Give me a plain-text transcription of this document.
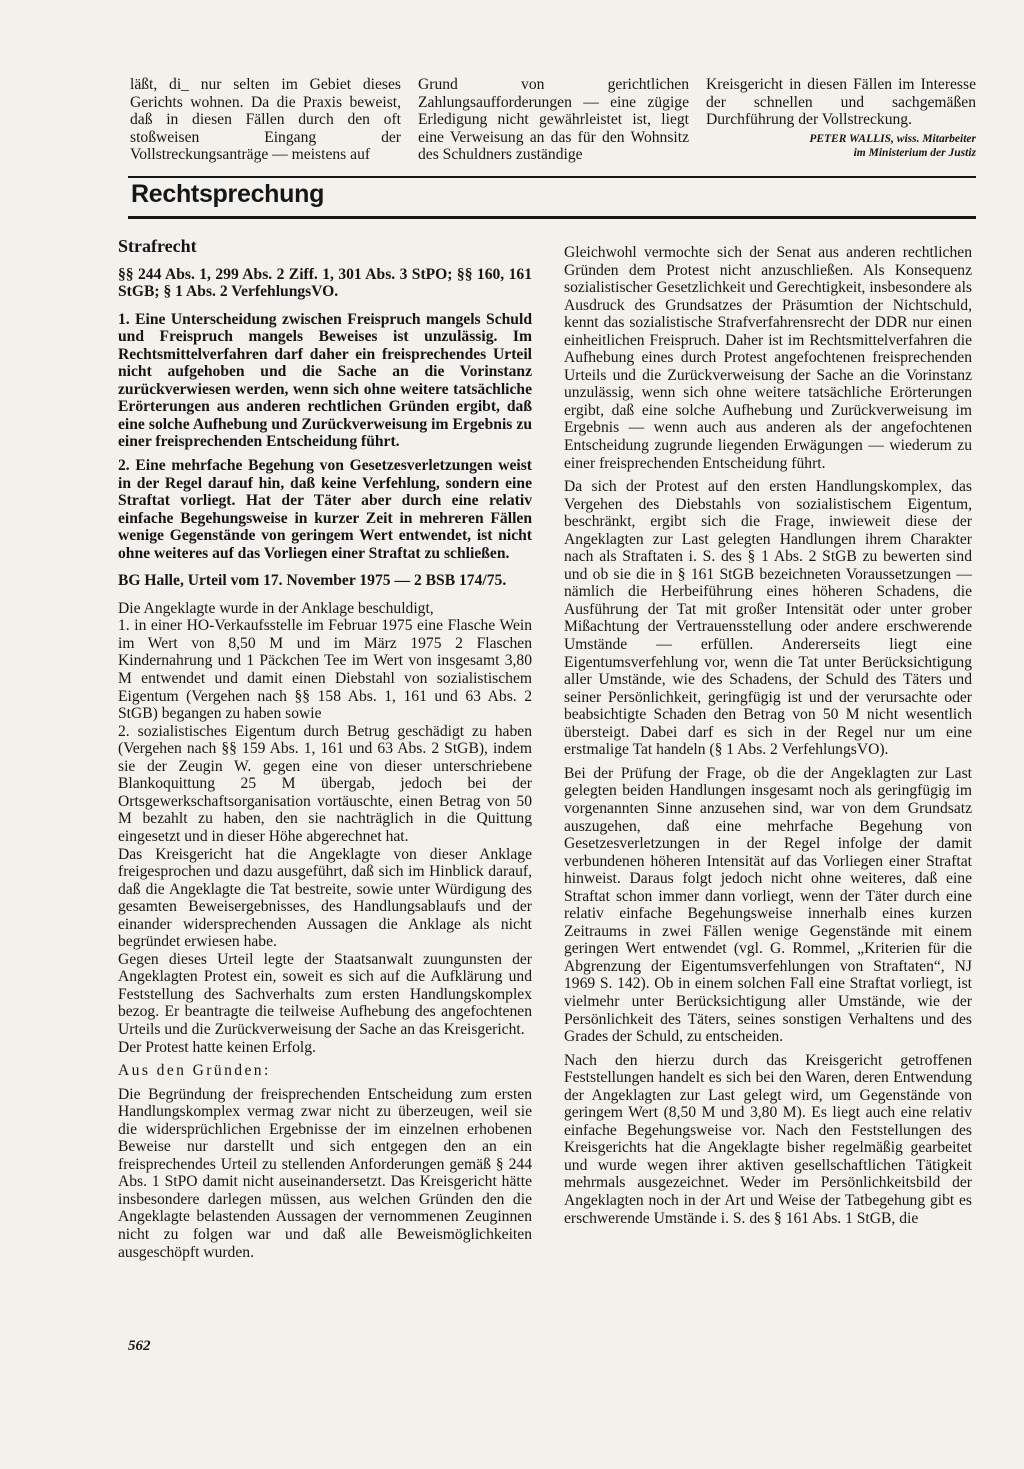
läßt, di_ nur selten im Gebiet dieses Gerichts wohnen. Da die Praxis beweist, daß in diesen Fällen durch den oft stoßweisen Eingang der Vollstreckungsanträge — meistens auf

Grund von gerichtlichen Zahlungsaufforderungen — eine zügige Erledigung nicht gewährleistet ist, liegt eine Verweisung an das für den Wohnsitz des Schuldners zuständige

Kreisgericht in diesen Fällen im Interesse der schnellen und sachgemäßen Durchführung der Vollstreckung.

PETER WALLIS, wiss. Mitarbeiter
im Ministerium der Justiz
Rechtsprechung

Strafrecht

§§ 244 Abs. 1, 299 Abs. 2 Ziff. 1, 301 Abs. 3 StPO; §§ 160, 161 StGB; § 1 Abs. 2 VerfehlungsVO.

1. Eine Unterscheidung zwischen Freispruch mangels Schuld und Freispruch mangels Beweises ist unzulässig. Im Rechtsmittelverfahren darf daher ein freisprechendes Urteil nicht aufgehoben und die Sache an die Vorinstanz zurückverwiesen werden, wenn sich ohne weitere tatsächliche Erörterungen aus anderen rechtlichen Gründen ergibt, daß eine solche Aufhebung und Zurückverweisung im Ergebnis zu einer freisprechenden Entscheidung führt.

2. Eine mehrfache Begehung von Gesetzesverletzungen weist in der Regel darauf hin, daß keine Verfehlung, sondern eine Straftat vorliegt. Hat der Täter aber durch eine relativ einfache Begehungsweise in kurzer Zeit in mehreren Fällen wenige Gegenstände von geringem Wert entwendet, ist nicht ohne weiteres auf das Vorliegen einer Straftat zu schließen.

BG Halle, Urteil vom 17. November 1975 — 2 BSB 174/75.

Die Angeklagte wurde in der Anklage beschuldigt,

1. in einer HO-Verkaufsstelle im Februar 1975 eine Flasche Wein im Wert von 8,50 M und im März 1975 2 Flaschen Kindernahrung und 1 Päckchen Tee im Wert von insgesamt 3,80 M entwendet und damit einen Diebstahl von sozialistischem Eigentum (Vergehen nach §§ 158 Abs. 1, 161 und 63 Abs. 2 StGB) begangen zu haben sowie

2. sozialistisches Eigentum durch Betrug geschädigt zu haben (Vergehen nach §§ 159 Abs. 1, 161 und 63 Abs. 2 StGB), indem sie der Zeugin W. gegen eine von dieser unterschriebene Blankoquittung 25 M übergab, jedoch bei der Ortsgewerkschaftsorganisation vortäuschte, einen Betrag von 50 M bezahlt zu haben, den sie nachträglich in die Quittung eingesetzt und in dieser Höhe abgerechnet hat.

Das Kreisgericht hat die Angeklagte von dieser Anklage freigesprochen und dazu ausgeführt, daß sich im Hinblick darauf, daß die Angeklagte die Tat bestreite, sowie unter Würdigung des gesamten Beweisergebnisses, des Handlungsablaufs und der einander widersprechenden Aussagen die Anklage als nicht begründet erwiesen habe.

Gegen dieses Urteil legte der Staatsanwalt zuungunsten der Angeklagten Protest ein, soweit es sich auf die Aufklärung und Feststellung des Sachverhalts zum ersten Handlungskomplex bezog. Er beantragte die teilweise Aufhebung des angefochtenen Urteils und die Zurückverweisung der Sache an das Kreisgericht.

Der Protest hatte keinen Erfolg.

Aus den Gründen:

Die Begründung der freisprechenden Entscheidung zum ersten Handlungskomplex vermag zwar nicht zu überzeugen, weil sie die widersprüchlichen Ergebnisse der im einzelnen erhobenen Beweise nur darstellt und sich entgegen den an ein freisprechendes Urteil zu stellenden Anforderungen gemäß § 244 Abs. 1 StPO damit nicht auseinandersetzt. Das Kreisgericht hätte insbesondere darlegen müssen, aus welchen Gründen den die Angeklagte belastenden Aussagen der vernommenen Zeuginnen nicht zu folgen war und daß alle Beweismöglichkeiten ausgeschöpft wurden.

Gleichwohl vermochte sich der Senat aus anderen rechtlichen Gründen dem Protest nicht anzuschließen. Als Konsequenz sozialistischer Gesetzlichkeit und Gerechtigkeit, insbesondere als Ausdruck des Grundsatzes der Präsumtion der Nichtschuld, kennt das sozialistische Strafverfahrensrecht der DDR nur einen einheitlichen Freispruch. Daher ist im Rechtsmittelverfahren die Aufhebung eines durch Protest angefochtenen freisprechenden Urteils und die Zurückverweisung der Sache an die Vorinstanz unzulässig, wenn sich ohne weitere tatsächliche Erörterungen ergibt, daß eine solche Aufhebung und Zurückverweisung im Ergebnis — wenn auch aus anderen als der angefochtenen Entscheidung zugrunde liegenden Erwägungen — wiederum zu einer freisprechenden Entscheidung führt.

Da sich der Protest auf den ersten Handlungskomplex, das Vergehen des Diebstahls von sozialistischem Eigentum, beschränkt, ergibt sich die Frage, inwieweit diese der Angeklagten zur Last gelegten Handlungen ihrem Charakter nach als Straftaten i. S. des § 1 Abs. 2 StGB zu bewerten sind und ob sie die in § 161 StGB bezeichneten Voraussetzungen — nämlich die Herbeiführung eines höheren Schadens, die Ausführung der Tat mit großer Intensität oder unter grober Mißachtung der Vertrauensstellung oder andere erschwerende Umstände — erfüllen. Andererseits liegt eine Eigentumsverfehlung vor, wenn die Tat unter Berücksichtigung aller Umstände, wie des Schadens, der Schuld des Täters und seiner Persönlichkeit, geringfügig ist und der verursachte oder beabsichtigte Schaden den Betrag von 50 M nicht wesentlich übersteigt. Dabei darf es sich in der Regel nur um eine erstmalige Tat handeln (§ 1 Abs. 2 VerfehlungsVO).

Bei der Prüfung der Frage, ob die der Angeklagten zur Last gelegten beiden Handlungen insgesamt noch als geringfügig im vorgenannten Sinne anzusehen sind, war von dem Grundsatz auszugehen, daß eine mehrfache Begehung von Gesetzesverletzungen in der Regel infolge der damit verbundenen höheren Intensität auf das Vorliegen einer Straftat hinweist. Daraus folgt jedoch nicht ohne weiteres, daß eine Straftat schon immer dann vorliegt, wenn der Täter durch eine relativ einfache Begehungsweise innerhalb eines kurzen Zeitraums in zwei Fällen wenige Gegenstände mit einem geringen Wert entwendet (vgl. G. Rommel, „Kriterien für die Abgrenzung der Eigentumsverfehlungen von Straftaten“, NJ 1969 S. 142). Ob in einem solchen Fall eine Straftat vorliegt, ist vielmehr unter Berücksichtigung aller Umstände, wie der Persönlichkeit des Täters, seines sonstigen Verhaltens und des Grades der Schuld, zu entscheiden.

Nach den hierzu durch das Kreisgericht getroffenen Feststellungen handelt es sich bei den Waren, deren Entwendung der Angeklagten zur Last gelegt wird, um Gegenstände von geringem Wert (8,50 M und 3,80 M). Es liegt auch eine relativ einfache Begehungsweise vor. Nach den Feststellungen des Kreisgerichts hat die Angeklagte bisher regelmäßig gearbeitet und wurde wegen ihrer aktiven gesellschaftlichen Tätigkeit mehrmals ausgezeichnet. Weder im Persönlichkeitsbild der Angeklagten noch in der Art und Weise der Tatbegehung gibt es erschwerende Umstände i. S. des § 161 Abs. 1 StGB, die

562
